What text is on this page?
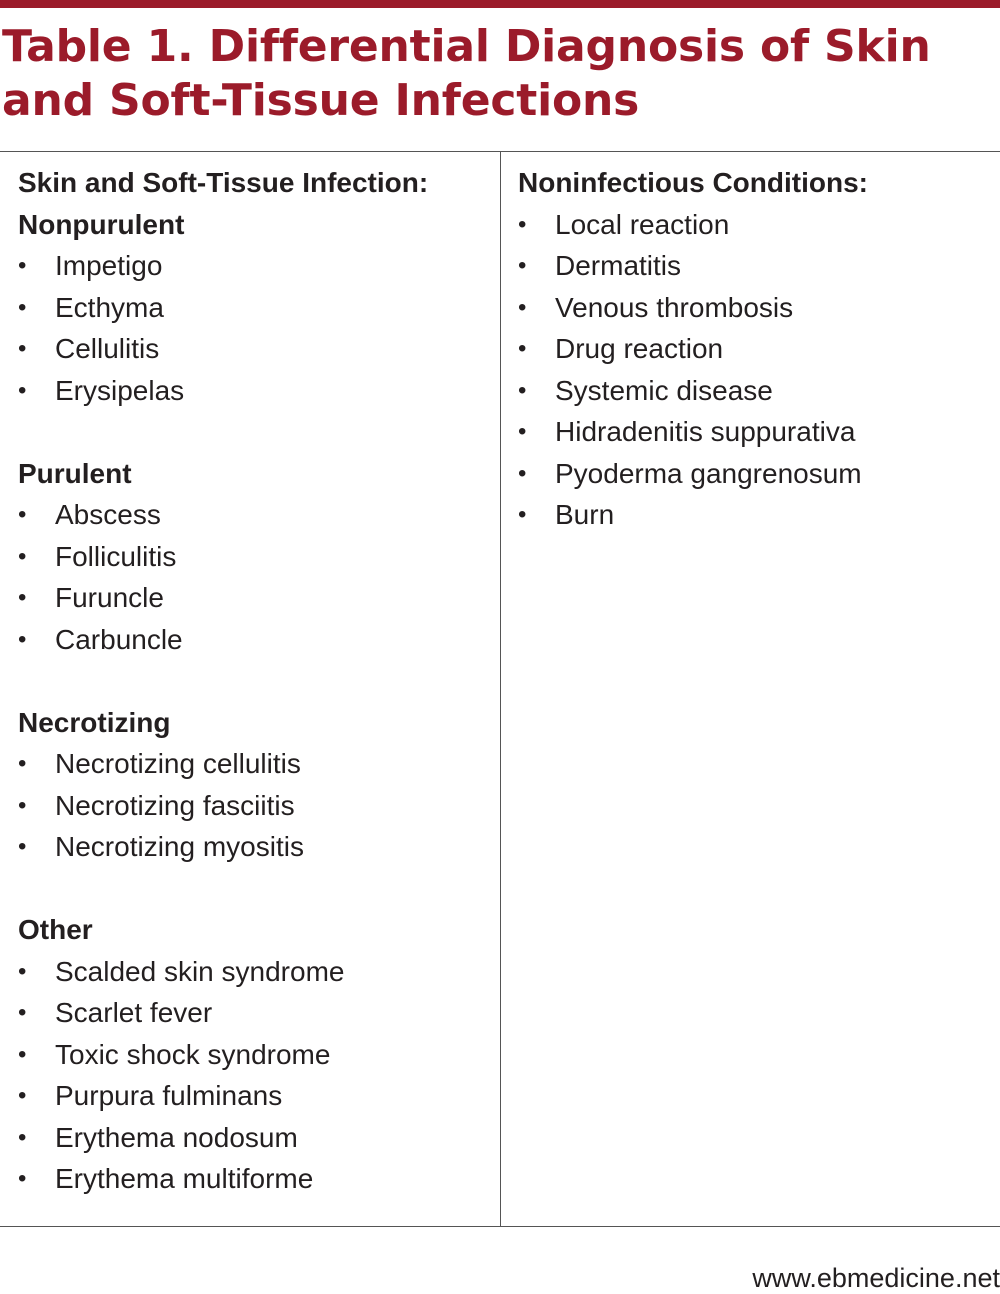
Table 1. Differential Diagnosis of Skin and Soft-Tissue Infections
Skin and Soft-Tissue Infection:
Nonpurulent
• Impetigo
• Ecthyma
• Cellulitis
• Erysipelas
Purulent
• Abscess
• Folliculitis
• Furuncle
• Carbuncle
Necrotizing
• Necrotizing cellulitis
• Necrotizing fasciitis
• Necrotizing myositis
Other
• Scalded skin syndrome
• Scarlet fever
• Toxic shock syndrome
• Purpura fulminans
• Erythema nodosum
• Erythema multiforme
Noninfectious Conditions:
• Local reaction
• Dermatitis
• Venous thrombosis
• Drug reaction
• Systemic disease
• Hidradenitis suppurativa
• Pyoderma gangrenosum
• Burn
www.ebmedicine.net
